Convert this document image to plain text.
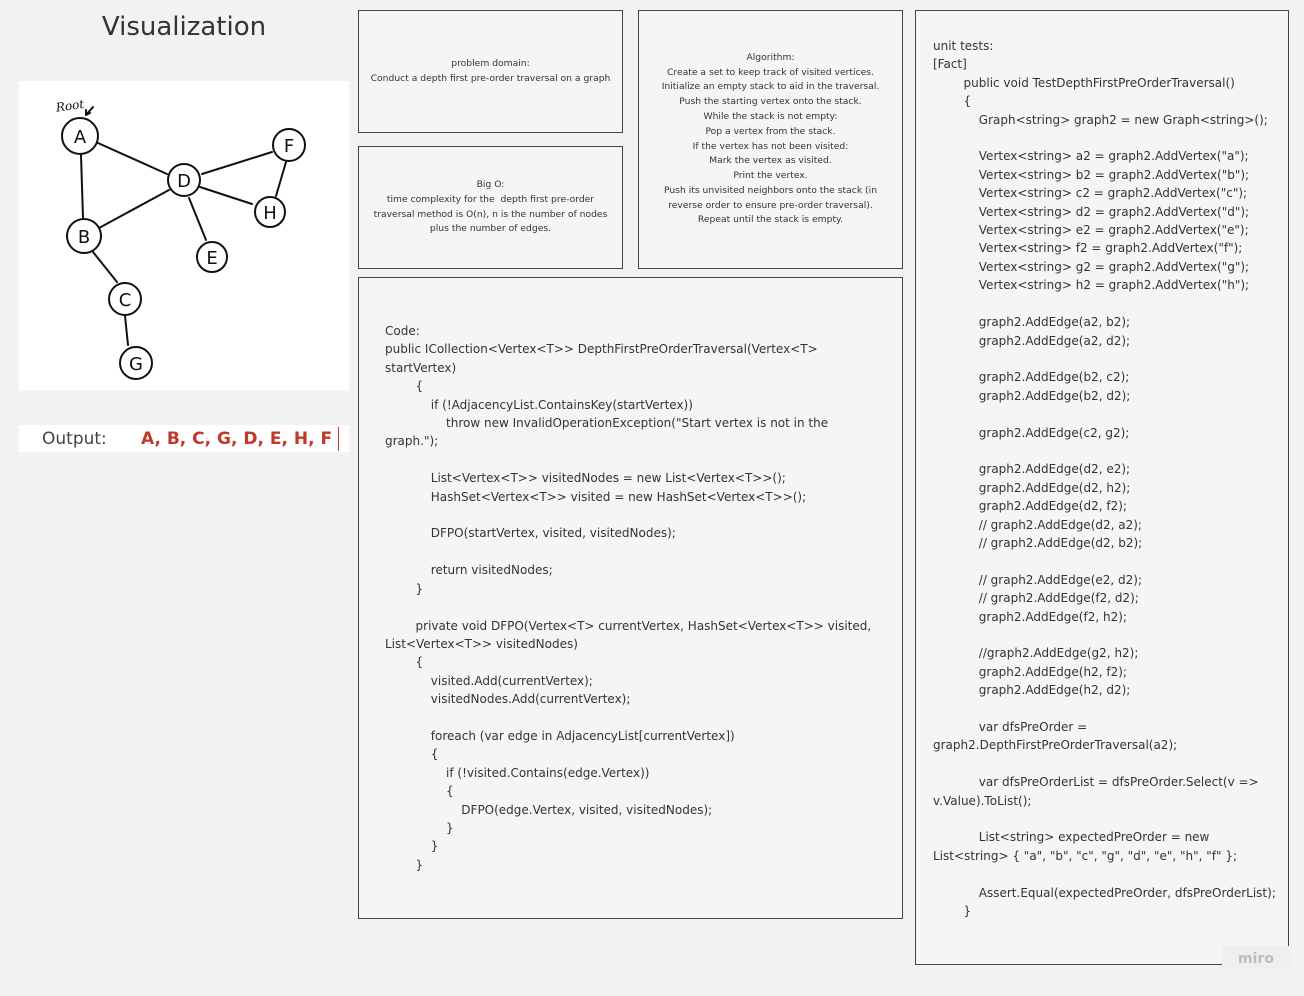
Visualization
Root
A
B
C
D
E
F
G
H
Output:	A, B, C, G, D, E, H, F
problem domain:
Conduct a depth first pre-order traversal on a graph
Big O:
time complexity for the  depth first pre-order
traversal method is O(n), n is the number of nodes
plus the number of edges.
Algorithm:
Create a set to keep track of visited vertices.
Initialize an empty stack to aid in the traversal.
Push the starting vertex onto the stack.
While the stack is not empty:
Pop a vertex from the stack.
If the vertex has not been visited:
Mark the vertex as visited.
Print the vertex.
Push its unvisited neighbors onto the stack (in
reverse order to ensure pre-order traversal).
Repeat until the stack is empty.
Code:
public ICollection<Vertex<T>> DepthFirstPreOrderTraversal(Vertex<T> startVertex)
{
if (!AdjacencyList.ContainsKey(startVertex))
throw new InvalidOperationException("Start vertex is not in the graph.");

List<Vertex<T>> visitedNodes = new List<Vertex<T>>();
HashSet<Vertex<T>> visited = new HashSet<Vertex<T>>();

DFPO(startVertex, visited, visitedNodes);

return visitedNodes;
}

private void DFPO(Vertex<T> currentVertex, HashSet<Vertex<T>> visited, List<Vertex<T>> visitedNodes)
{
visited.Add(currentVertex);
visitedNodes.Add(currentVertex);

foreach (var edge in AdjacencyList[currentVertex])
{
if (!visited.Contains(edge.Vertex))
{
DFPO(edge.Vertex, visited, visitedNodes);
}
}
}
unit tests:
[Fact]
public void TestDepthFirstPreOrderTraversal()
{
Graph<string> graph2 = new Graph<string>();

Vertex<string> a2 = graph2.AddVertex("a");
Vertex<string> b2 = graph2.AddVertex("b");
Vertex<string> c2 = graph2.AddVertex("c");
Vertex<string> d2 = graph2.AddVertex("d");
Vertex<string> e2 = graph2.AddVertex("e");
Vertex<string> f2 = graph2.AddVertex("f");
Vertex<string> g2 = graph2.AddVertex("g");
Vertex<string> h2 = graph2.AddVertex("h");

graph2.AddEdge(a2, b2);
graph2.AddEdge(a2, d2);

graph2.AddEdge(b2, c2);
graph2.AddEdge(b2, d2);

graph2.AddEdge(c2, g2);

graph2.AddEdge(d2, e2);
graph2.AddEdge(d2, h2);
graph2.AddEdge(d2, f2);
// graph2.AddEdge(d2, a2);
// graph2.AddEdge(d2, b2);

// graph2.AddEdge(e2, d2);
// graph2.AddEdge(f2, d2);
graph2.AddEdge(f2, h2);

//graph2.AddEdge(g2, h2);
graph2.AddEdge(h2, f2);
graph2.AddEdge(h2, d2);

var dfsPreOrder = graph2.DepthFirstPreOrderTraversal(a2);

var dfsPreOrderList = dfsPreOrder.Select(v => v.Value).ToList();

List<string> expectedPreOrder = new List<string> { "a", "b", "c", "g", "d", "e", "h", "f" };

Assert.Equal(expectedPreOrder, dfsPreOrderList);
}
miro
